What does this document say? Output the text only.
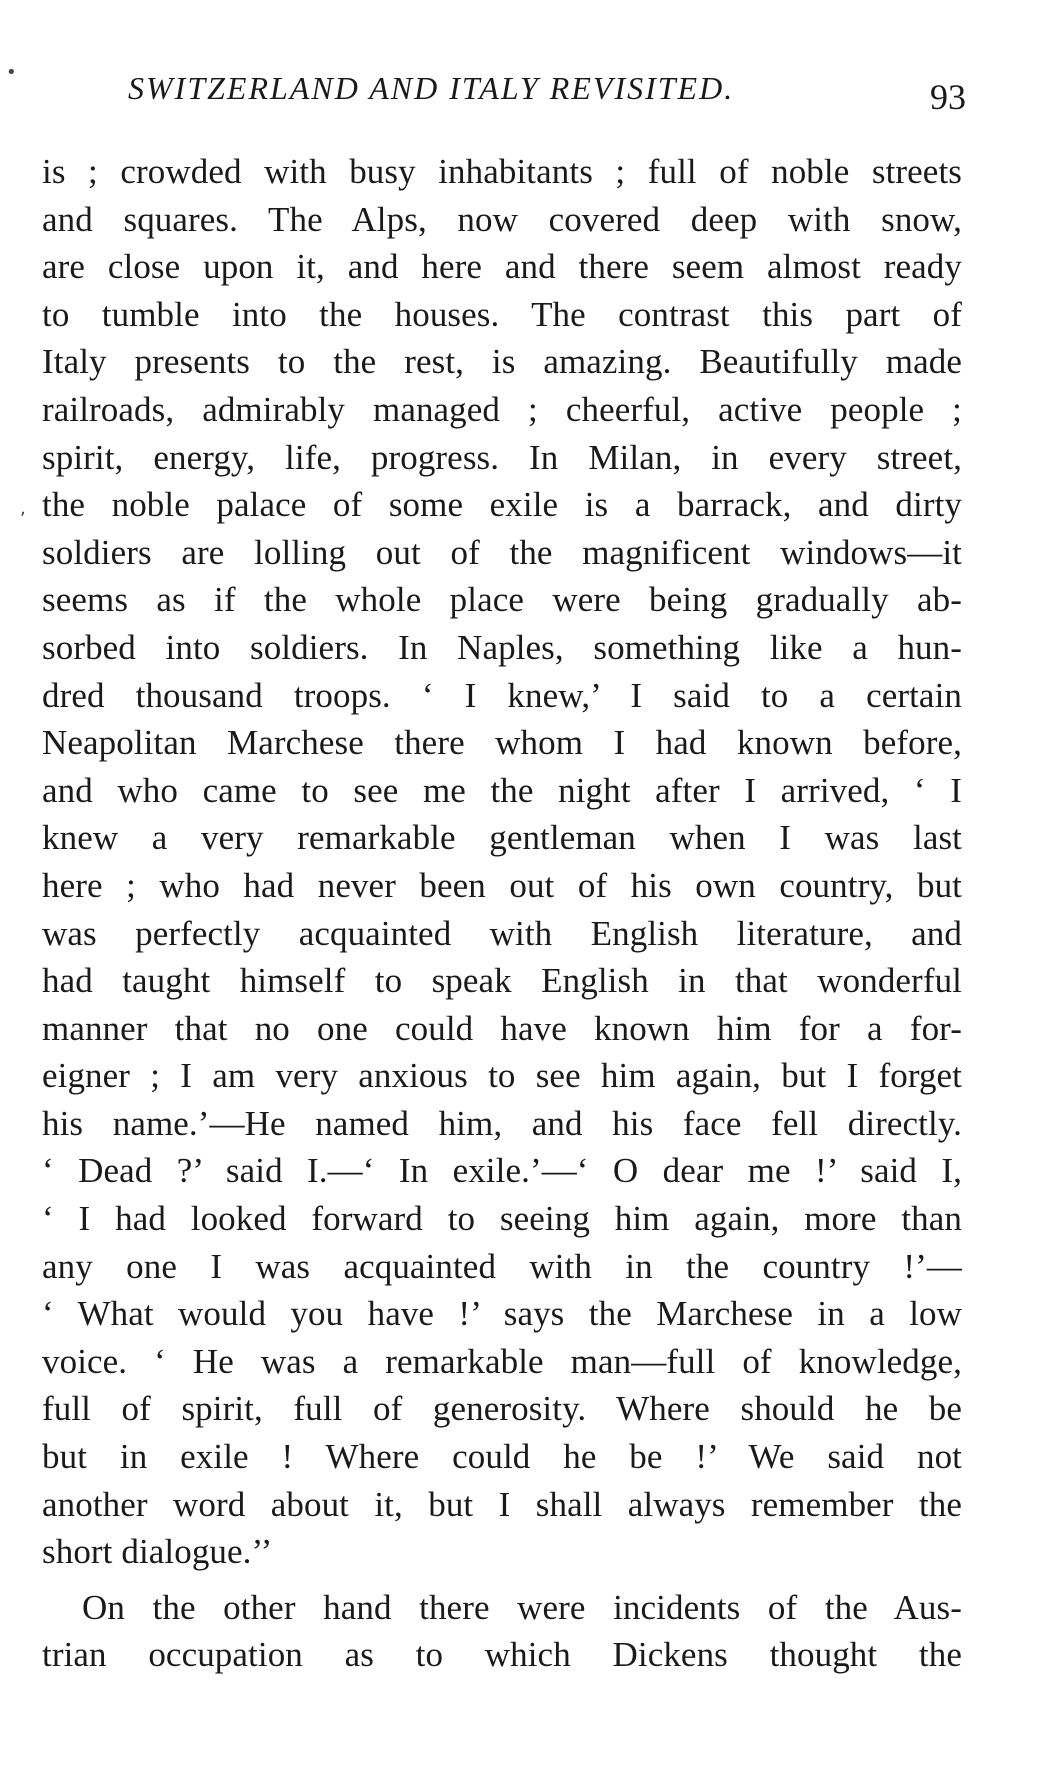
SWITZERLAND AND ITALY REVISITED.	93
is ; crowded with busy inhabitants ; full of noble streets
and squares. The Alps, now covered deep with snow,
are close upon it, and here and there seem almost ready
to tumble into the houses. The contrast this part of
Italy presents to the rest, is amazing. Beautifully made
railroads, admirably managed ; cheerful, active people ;
spirit, energy, life, progress. In Milan, in every street,
the noble palace of some exile is a barrack, and dirty
soldiers are lolling out of the magnificent windows—it
seems as if the whole place were being gradually ab-
sorbed into soldiers. In Naples, something like a hun-
dred thousand troops. ‘ I knew,’ I said to a certain
Neapolitan Marchese there whom I had known before,
and who came to see me the night after I arrived, ‘ I
knew a very remarkable gentleman when I was last
here ; who had never been out of his own country, but
was perfectly acquainted with English literature, and
had taught himself to speak English in that wonderful
manner that no one could have known him for a for-
eigner ; I am very anxious to see him again, but I forget
his name.’—He named him, and his face fell directly.
‘ Dead ?’ said I.—‘ In exile.’—‘ O dear me !’ said I,
‘ I had looked forward to seeing him again, more than
any one I was acquainted with in the country !’—
‘ What would you have !’ says the Marchese in a low
voice. ‘ He was a remarkable man—full of knowledge,
full of spirit, full of generosity. Where should he be
but in exile ! Where could he be !’ We said not
another word about it, but I shall always remember the
short dialogue.’’
On the other hand there were incidents of the Aus-
trian occupation as to which Dickens thought the
•
,
